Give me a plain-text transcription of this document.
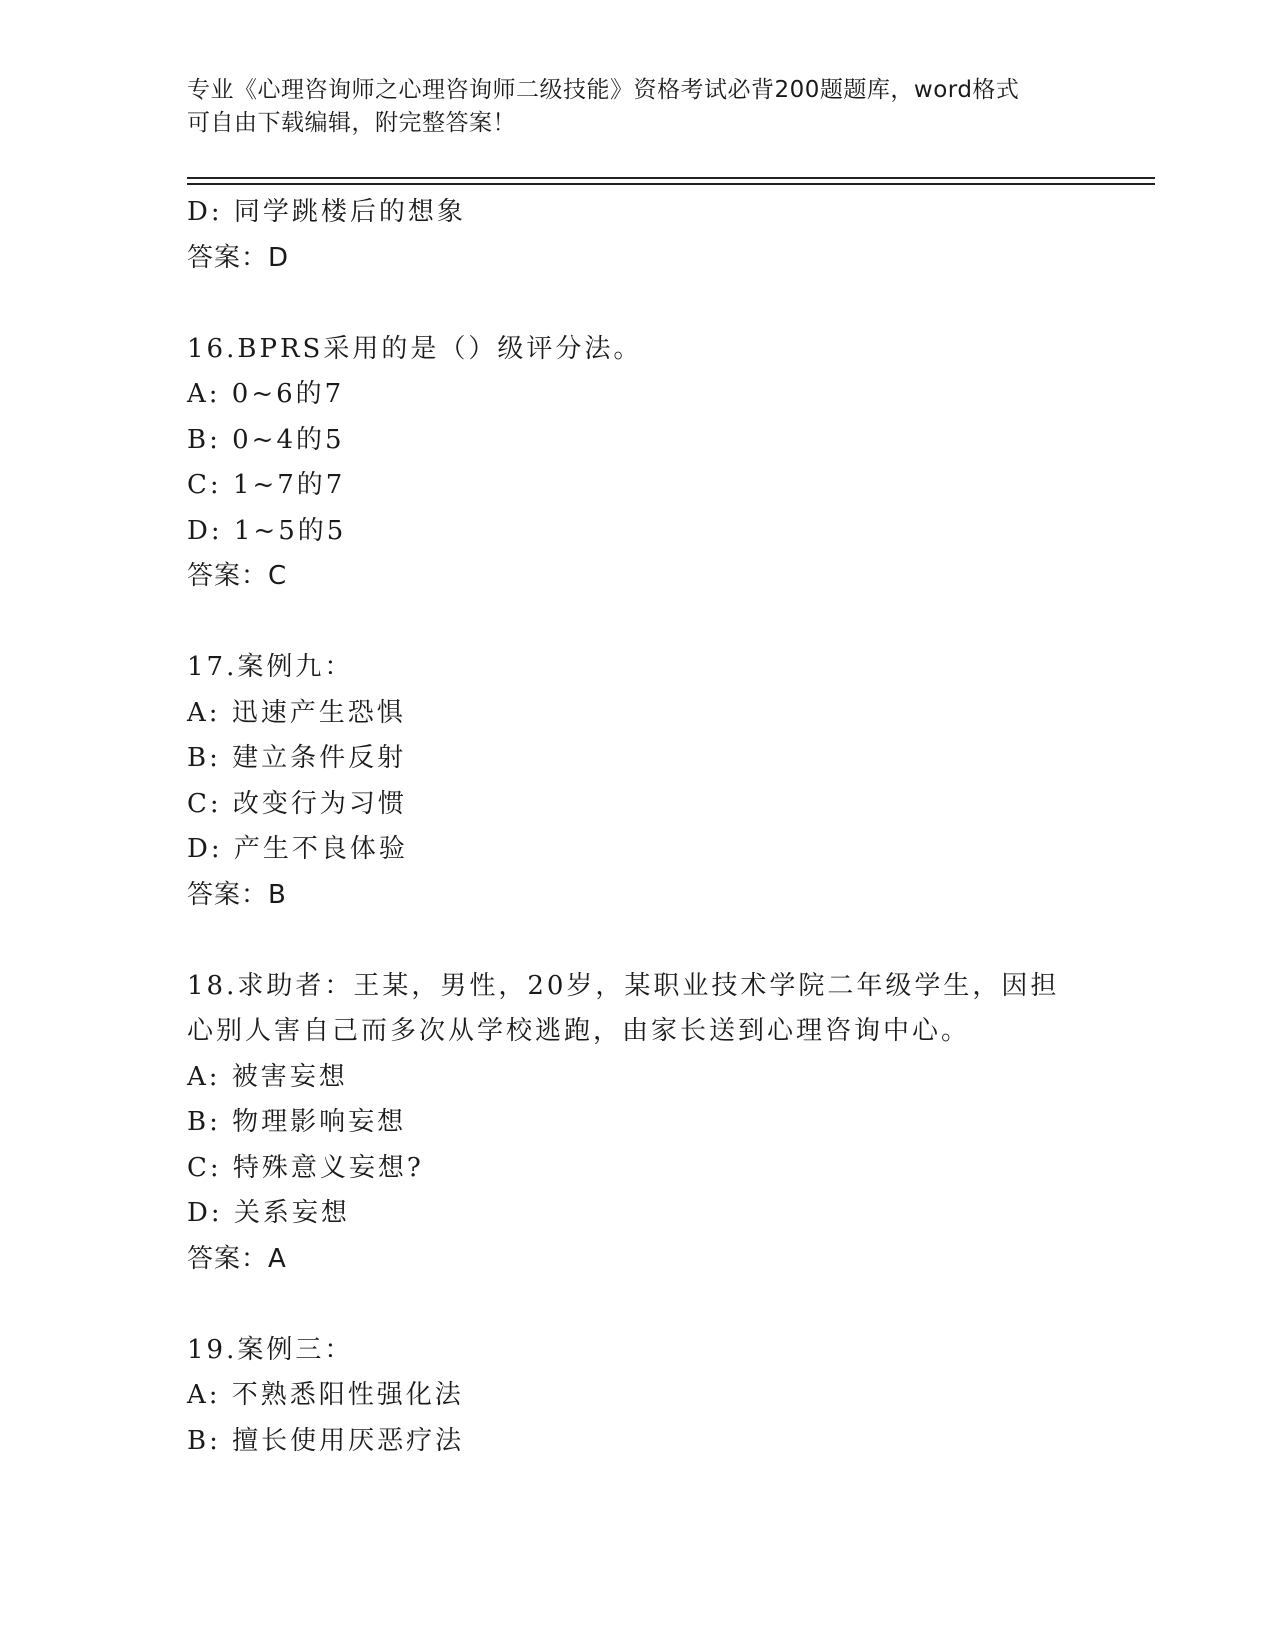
专业《心理咨询师之心理咨询师二级技能》资格考试必背200题题库，word格式
可自由下载编辑，附完整答案！
D: 同学跳楼后的想象
答案：D
16.BPRS采用的是（）级评分法。
A: 0~6的7
B: 0~4的5
C: 1~7的7
D: 1~5的5
答案：C
17.案例九：
A: 迅速产生恐惧
B: 建立条件反射
C: 改变行为习惯
D: 产生不良体验
答案：B
18.求助者：王某，男性，20岁，某职业技术学院二年级学生，因担心别人害自己而多次从学校逃跑，由家长送到心理咨询中心。
A: 被害妄想
B: 物理影响妄想
C: 特殊意义妄想?
D: 关系妄想
答案：A
19.案例三：
A: 不熟悉阳性强化法
B: 擅长使用厌恶疗法
